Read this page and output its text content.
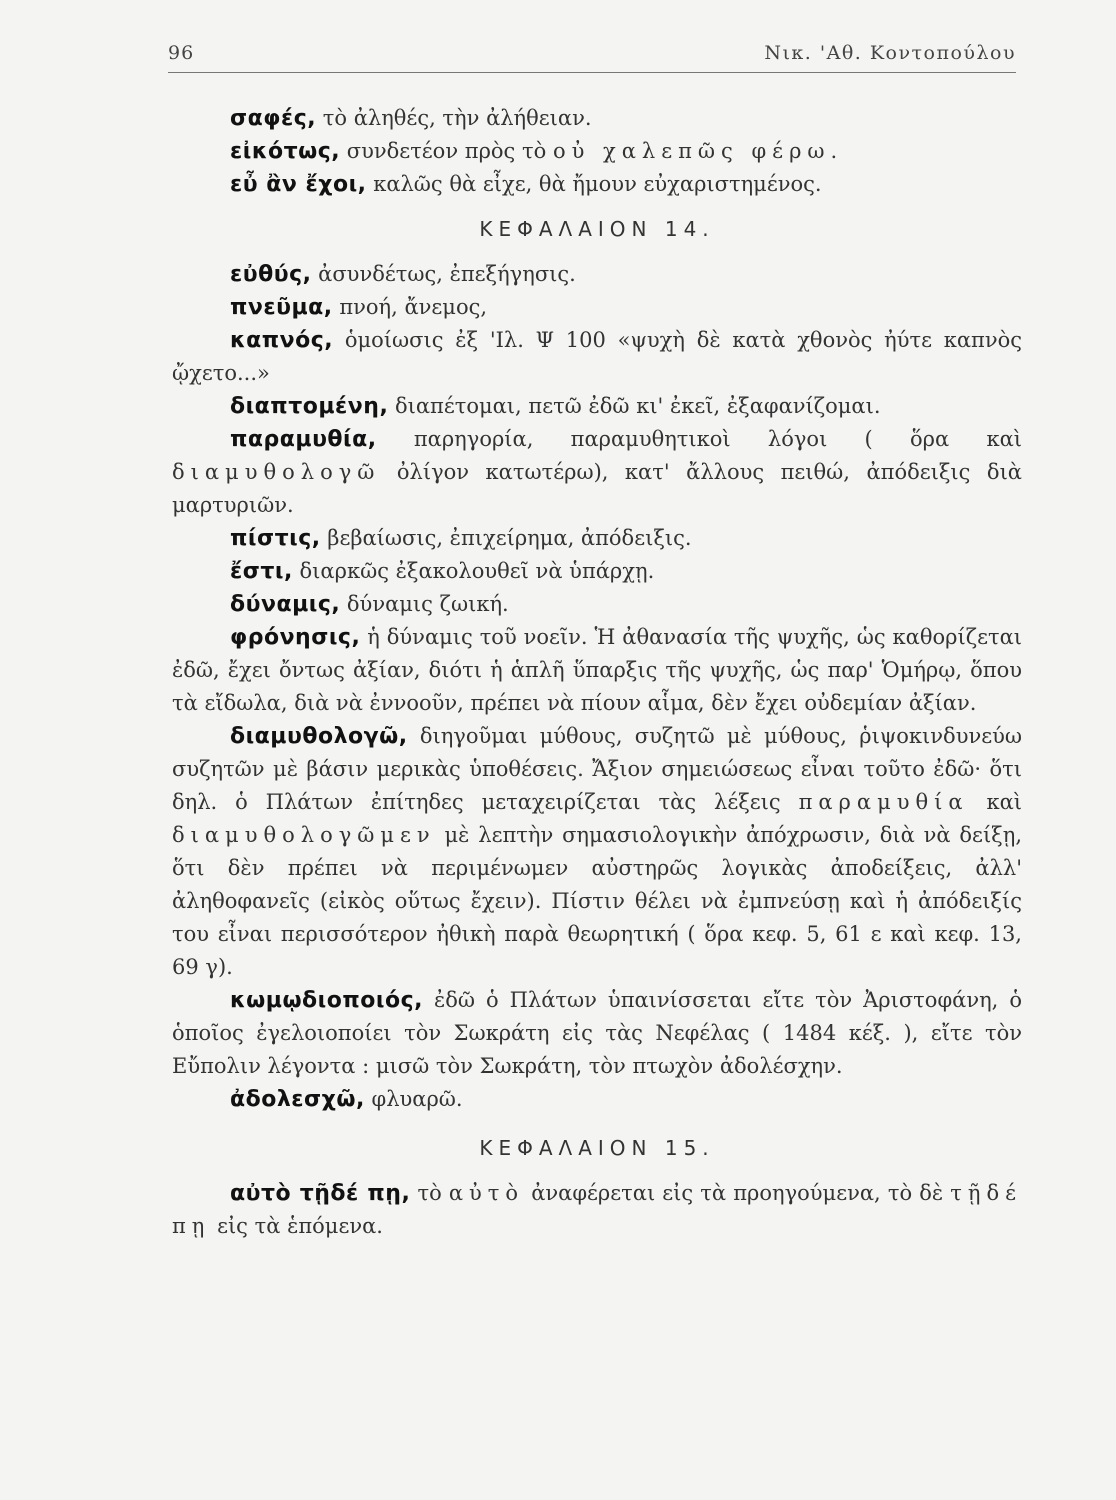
96	Νικ. 'Αθ. Κοντοπούλου

σαφές, τὸ ἀληθές, τὴν ἀλήθειαν.

εἰκότως, συνδετέον πρὸς τὸ οὐ χαλεπῶς φέρω.

εὖ ἂν ἔχοι, καλῶς θὰ εἶχε, θὰ ἤμουν εὐχαριστημένος.

ΚΕΦΑΛΑΙΟΝ 14.

εὐθύς, ἀσυνδέτως, ἐπεξήγησις.

πνεῦμα, πνοή, ἄνεμος,

καπνός, ὁμοίωσις ἐξ 'Ιλ. Ψ 100 «ψυχὴ δὲ κατὰ χθονὸς ἠύτε καπνὸς ᾤχετο...»

διαπτομένη, διαπέτομαι, πετῶ ἐδῶ κι' ἐκεῖ, ἐξαφανίζομαι.

παραμυθία, παρηγορία, παραμυθητικοὶ λόγοι ( ὅρα καὶ διαμυθολογῶ ὀλίγον κατωτέρω), κατ' ἄλλους πειθώ, ἀπόδειξις διὰ μαρτυριῶν.

πίστις, βεβαίωσις, ἐπιχείρημα, ἀπόδειξις.

ἔστι, διαρκῶς ἐξακολουθεῖ νὰ ὑπάρχῃ.

δύναμις, δύναμις ζωική.

φρόνησις, ἡ δύναμις τοῦ νοεῖν. Ἡ ἀθανασία τῆς ψυχῆς, ὡς καθορίζεται ἐδῶ, ἔχει ὄντως ἀξίαν, διότι ἡ ἁπλῆ ὕπαρξις τῆς ψυχῆς, ὡς παρ' Ὁμήρῳ, ὅπου τὰ εἴδωλα, διὰ νὰ ἐννοοῦν, πρέπει νὰ πίουν αἷμα, δὲν ἔχει οὐδεμίαν ἀξίαν.

διαμυθολογῶ, διηγοῦμαι μύθους, συζητῶ μὲ μύθους, ῥιψοκινδυνεύω συζητῶν μὲ βάσιν μερικὰς ὑποθέσεις. Ἄξιον σημειώσεως εἶναι τοῦτο ἐδῶ· ὅτι δηλ. ὁ Πλάτων ἐπίτηδες μεταχειρίζεται τὰς λέξεις παραμυθία καὶ διαμυθολογῶμεν μὲ λεπτὴν σημασιολογικὴν ἀπόχρωσιν, διὰ νὰ δείξῃ, ὅτι δὲν πρέπει νὰ περιμένωμεν αὐστηρῶς λογικὰς ἀποδείξεις, ἀλλ' ἀληθοφανεῖς (εἰκὸς οὕτως ἔχειν). Πίστιν θέλει νὰ ἐμπνεύσῃ καὶ ἡ ἀπόδειξίς του εἶναι περισσότερον ἠθικὴ παρὰ θεωρητική ( ὅρα κεφ. 5, 61 ε καὶ κεφ. 13, 69 γ).

κωμῳδιοποιός, ἐδῶ ὁ Πλάτων ὑπαινίσσεται εἴτε τὸν Ἀριστοφάνη, ὁ ὁποῖος ἐγελοιοποίει τὸν Σωκράτη εἰς τὰς Νεφέλας ( 1484 κέξ. ), εἴτε τὸν Εὔπολιν λέγοντα : μισῶ τὸν Σωκράτη, τὸν πτωχὸν ἀδολέσχην.

ἀδολεσχῶ, φλυαρῶ.

ΚΕΦΑΛΑΙΟΝ 15.

αὐτὸ τῇδέ πῃ, τὸ αὐτὸ ἀναφέρεται εἰς τὰ προηγούμενα, τὸ δὲ τῇδέ πῃ εἰς τὰ ἑπόμενα.
